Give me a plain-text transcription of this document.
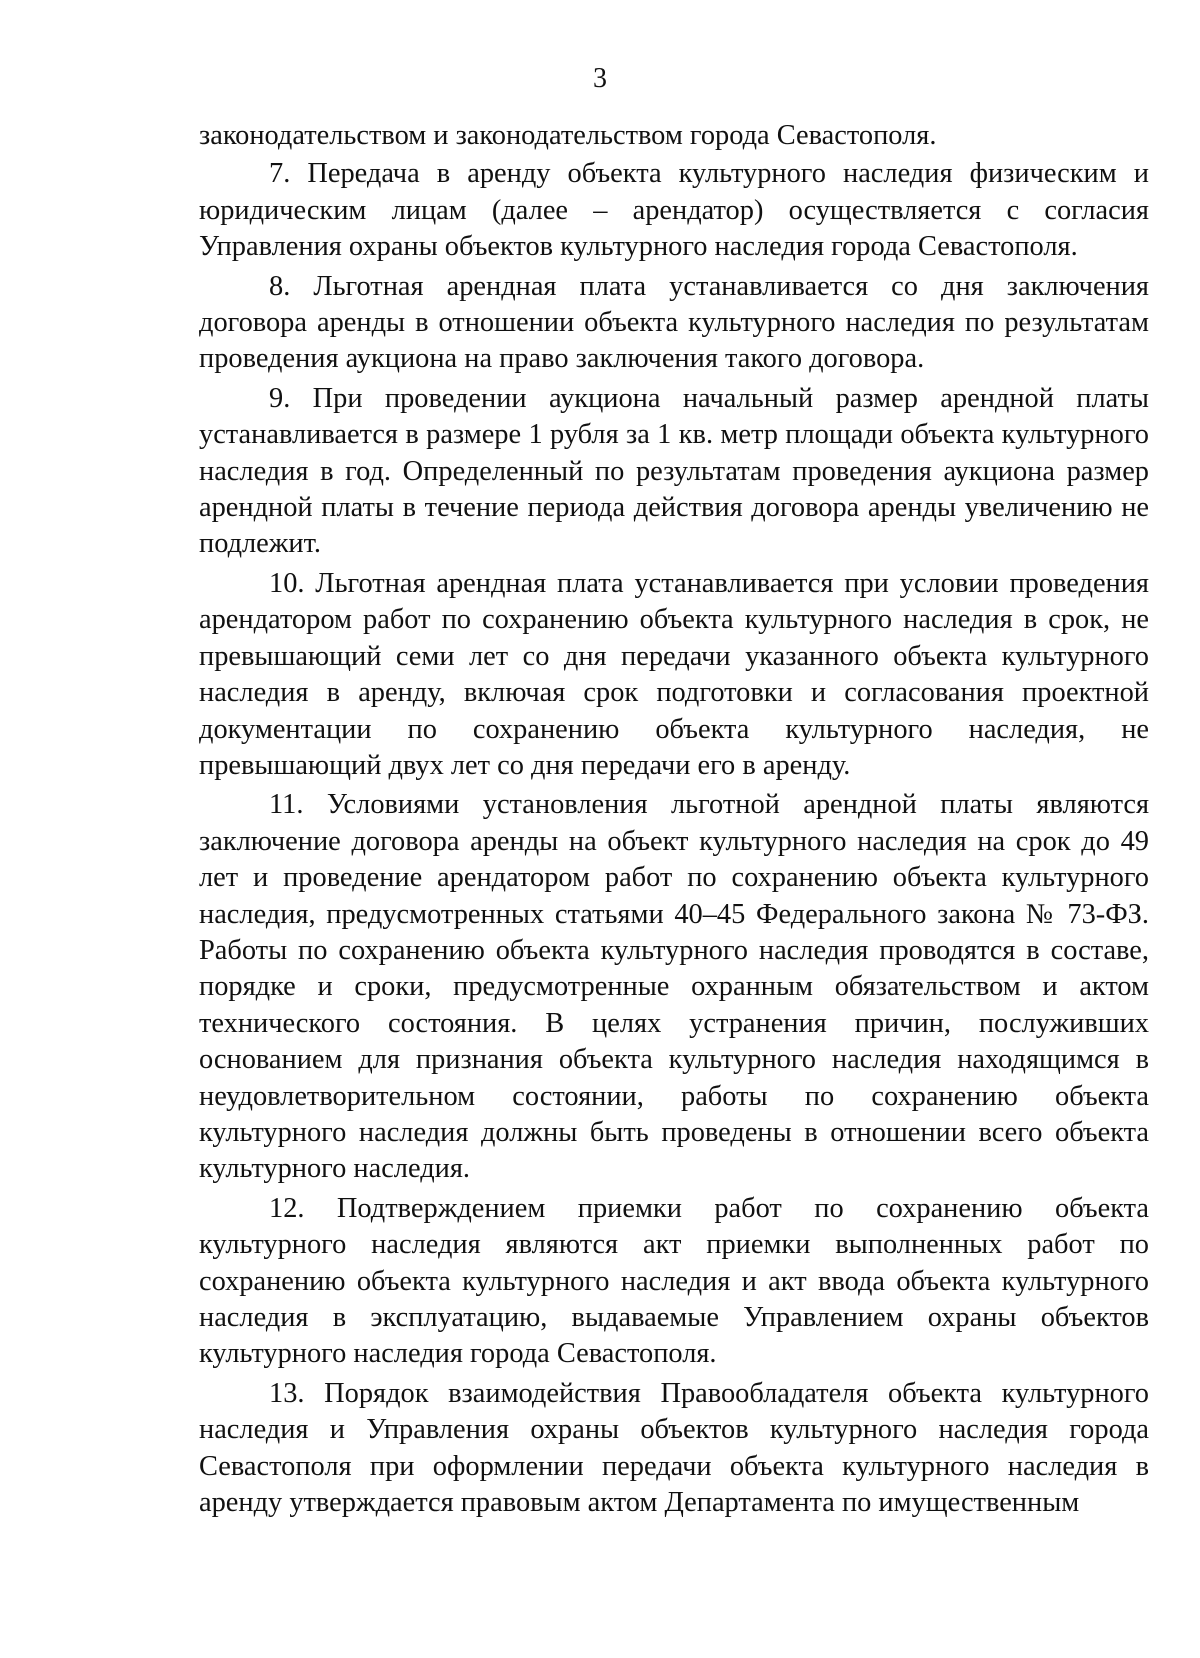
3

законодательством и законодательством города Севастополя.

7. Передача в аренду объекта культурного наследия физическим и юридическим лицам (далее – арендатор) осуществляется с согласия Управления охраны объектов культурного наследия города Севастополя.

8. Льготная арендная плата устанавливается со дня заключения договора аренды в отношении объекта культурного наследия по результатам проведения аукциона на право заключения такого договора.

9. При проведении аукциона начальный размер арендной платы устанавливается в размере 1 рубля за 1 кв. метр площади объекта культурного наследия в год. Определенный по результатам проведения аукциона размер арендной платы в течение периода действия договора аренды увеличению не подлежит.

10. Льготная арендная плата устанавливается при условии проведения арендатором работ по сохранению объекта культурного наследия в срок, не превышающий семи лет со дня передачи указанного объекта культурного наследия в аренду, включая срок подготовки и согласования проектной документации по сохранению объекта культурного наследия, не превышающий двух лет со дня передачи его в аренду.

11. Условиями установления льготной арендной платы являются заключение договора аренды на объект культурного наследия на срок до 49 лет и проведение арендатором работ по сохранению объекта культурного наследия, предусмотренных статьями 40–45 Федерального закона № 73-ФЗ. Работы по сохранению объекта культурного наследия проводятся в составе, порядке и сроки, предусмотренные охранным обязательством и актом технического состояния. В целях устранения причин, послуживших основанием для признания объекта культурного наследия находящимся в неудовлетворительном состоянии, работы по сохранению объекта культурного наследия должны быть проведены в отношении всего объекта культурного наследия.

12. Подтверждением приемки работ по сохранению объекта культурного наследия являются акт приемки выполненных работ по сохранению объекта культурного наследия и акт ввода объекта культурного наследия в эксплуатацию, выдаваемые Управлением охраны объектов культурного наследия города Севастополя.

13. Порядок взаимодействия Правообладателя объекта культурного наследия и Управления охраны объектов культурного наследия города Севастополя при оформлении передачи объекта культурного наследия в аренду утверждается правовым актом Департамента по имущественным
